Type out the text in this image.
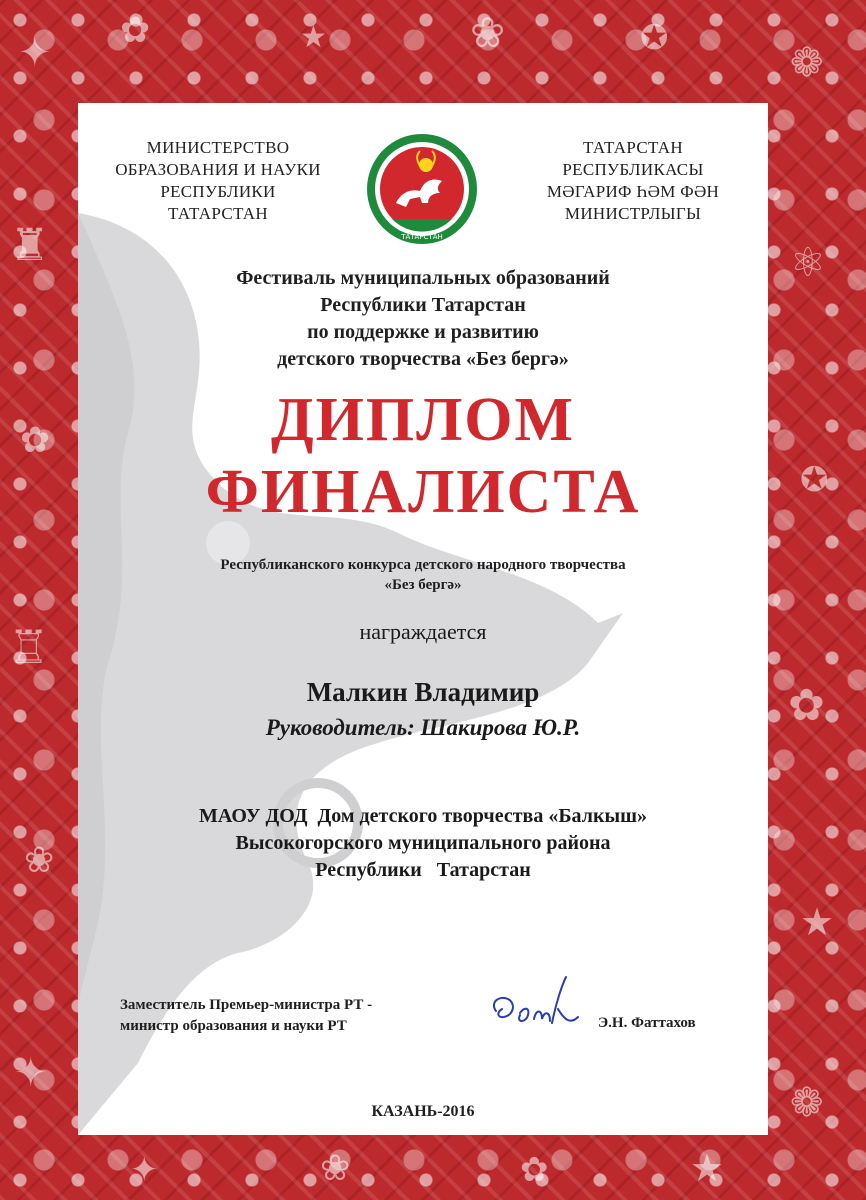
✦ ✿	★	❀	✪
❁
♜
✿
♖
❀
✦
⚛
✪
✿
★
❁
✦	❀	✿	★
МИНИСТЕРСТВО
ОБРАЗОВАНИЯ И НАУКИ
РЕСПУБЛИКИ
ТАТАРСТАН
ТАТАРСТАН
ТАТАРСТАН
РЕСПУБЛИКАСЫ
МӘГАРИФ ҺӘМ ФӘН
МИНИСТРЛЫГЫ
Фестиваль муниципальных образований
Республики Татарстан
по поддержке и развитию
детского творчества «Без бергә»
ДИПЛОМ
ФИНАЛИСТА
Республиканского конкурса детского народного творчества
«Без бергә»
награждается
Малкин Владимир
Руководитель: Шакирова Ю.Р.
МАОУ ДОД  Дом детского творчества «Балкыш»
Высокогорского муниципального района
Республики   Татарстан
Заместитель Премьер-министра РТ -
министр образования и науки РТ	Э.Н. Фаттахов
КАЗАНЬ-2016
